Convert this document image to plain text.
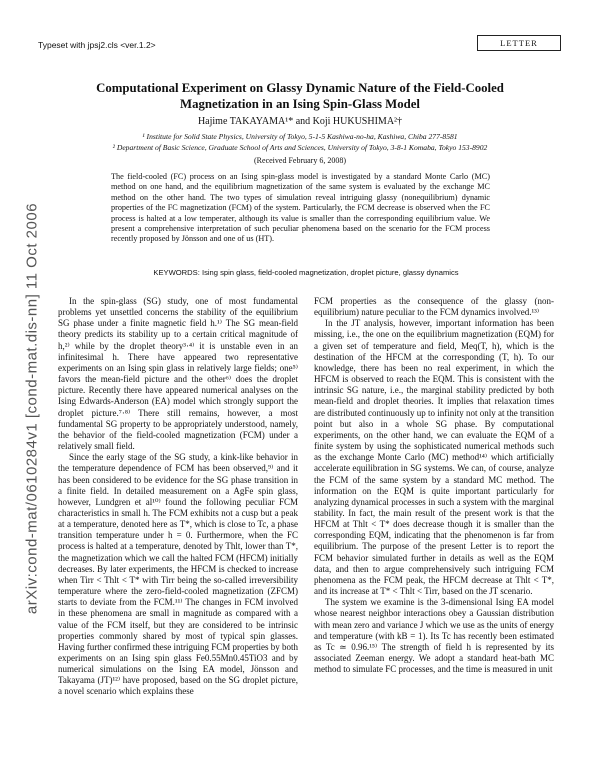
Typeset with jpsj2.cls <ver.1.2>	LETTER
arXiv:cond-mat/0610284v1 [cond-mat.dis-nn] 11 Oct 2006
Computational Experiment on Glassy Dynamic Nature of the Field-Cooled
Magnetization in an Ising Spin-Glass Model
Hajime TAKAYAMA¹* and Koji HUKUSHIMA²†
¹ Institute for Solid State Physics, University of Tokyo, 5-1-5 Kashiwa-no-ha, Kashiwa, Chiba 277-8581
² Department of Basic Science, Graduate School of Arts and Sciences, University of Tokyo, 3-8-1 Komaba, Tokyo 153-8902
(Received February 6, 2008)
The field-cooled (FC) process on an Ising spin-glass model is investigated by a standard Monte Carlo (MC) method on one hand, and the equilibrium magnetization of the same system is evaluated by the exchange MC method on the other hand. The two types of simulation reveal intriguing glassy (nonequilibrium) dynamic properties of the FC magnetization (FCM) of the system. Particularly, the FCM decrease is observed when the FC process is halted at a low temperater, although its value is smaller than the corresponding equilibrium value. We present a comprehensive interpretation of such peculiar phenomena based on the scenario for the FCM process recently proposed by Jönsson and one of us (HT).
KEYWORDS: Ising spin glass, field-cooled magnetization, droplet picture, glassy dynamics

In the spin-glass (SG) study, one of most fundamental problems yet unsettled concerns the stability of the equilibrium SG phase under a finite magnetic field h.¹⁾ The SG mean-field theory predicts its stability up to a certain critical magnitude of h,²⁾ while by the droplet theory³·⁴⁾ it is unstable even in an infinitesimal h. There have appeared two representative experiments on an Ising spin glass in relatively large fields; one⁵⁾ favors the mean-field picture and the other⁶⁾ does the droplet picture. Recently there have appeared numerical analyses on the Ising Edwards-Anderson (EA) model which strongly support the droplet picture.⁷·⁸⁾ There still remains, however, a most fundamental SG property to be appropriately understood, namely, the behavior of the field-cooled magnetization (FCM) under a relatively small field.

Since the early stage of the SG study, a kink-like behavior in the temperature dependence of FCM has been observed,⁹⁾ and it has been considered to be evidence for the SG phase transition in a finite field. In detailed measurement on a AgFe spin glass, however, Lundgren et al¹⁰⁾ found the following peculiar FCM characteristics in small h. The FCM exhibits not a cusp but a peak at a temperature, denoted here as T*, which is close to Tc, a phase transition temperature under h = 0. Furthermore, when the FC process is halted at a temperature, denoted by Thlt, lower than T*, the magnetization which we call the halted FCM (HFCM) initially decreases. By later experiments, the HFCM is checked to increase when Tirr < Thlt < T* with Tirr being the so-called irreversibility temperature where the zero-field-cooled magnetization (ZFCM) starts to deviate from the FCM.¹¹⁾ The changes in FCM involved in these phenomena are small in magnitude as compared with a value of the FCM itself, but they are considered to be intrinsic properties commonly shared by most of typical spin glasses. Having further confirmed these intriguing FCM properties by both experiments on an Ising spin glass Fe0.55Mn0.45TiO3 and by numerical simulations on the Ising EA model, Jönsson and Takayama (JT)¹²⁾ have proposed, based on the SG droplet picture, a novel scenario which explains these

FCM properties as the consequence of the glassy (non-equilibrium) nature peculiar to the FCM dynamics involved.¹³⁾

In the JT analysis, however, important information has been missing, i.e., the one on the equilibrium magnetization (EQM) for a given set of temperature and field, Meq(T, h), which is the destination of the HFCM at the corresponding (T, h). To our knowledge, there has been no real experiment, in which the HFCM is observed to reach the EQM. This is consistent with the intrinsic SG nature, i.e., the marginal stability predicted by both mean-field and droplet theories. It implies that relaxation times are distributed continuously up to infinity not only at the transition point but also in a whole SG phase. By computational experiments, on the other hand, we can evaluate the EQM of a finite system by using the sophisticated numerical methods such as the exchange Monte Carlo (MC) method¹⁴⁾ which artificially accelerate equilibration in SG systems. We can, of course, analyze the FCM of the same system by a standard MC method. The information on the EQM is quite important particularly for analyzing dynamical processes in such a system with the marginal stability. In fact, the main result of the present work is that the HFCM at Thlt < T* does decrease though it is smaller than the corresponding EQM, indicating that the phenomenon is far from equilibrium. The purpose of the present Letter is to report the FCM behavior simulated further in details as well as the EQM data, and then to argue comprehensively such intriguing FCM phenomena as the FCM peak, the HFCM decrease at Thlt < T*, and its increase at T* < Thlt < Tirr, based on the JT scenario.

The system we examine is the 3-dimensional Ising EA model whose nearest neighbor interactions obey a Gaussian distribution with mean zero and variance J which we use as the units of energy and temperature (with kB = 1). Its Tc has recently been estimated as Tc ≃ 0.96.¹⁵⁾ The strength of field h is represented by its associated Zeeman energy. We adopt a standard heat-bath MC method to simulate FC processes, and the time is measured in unit
